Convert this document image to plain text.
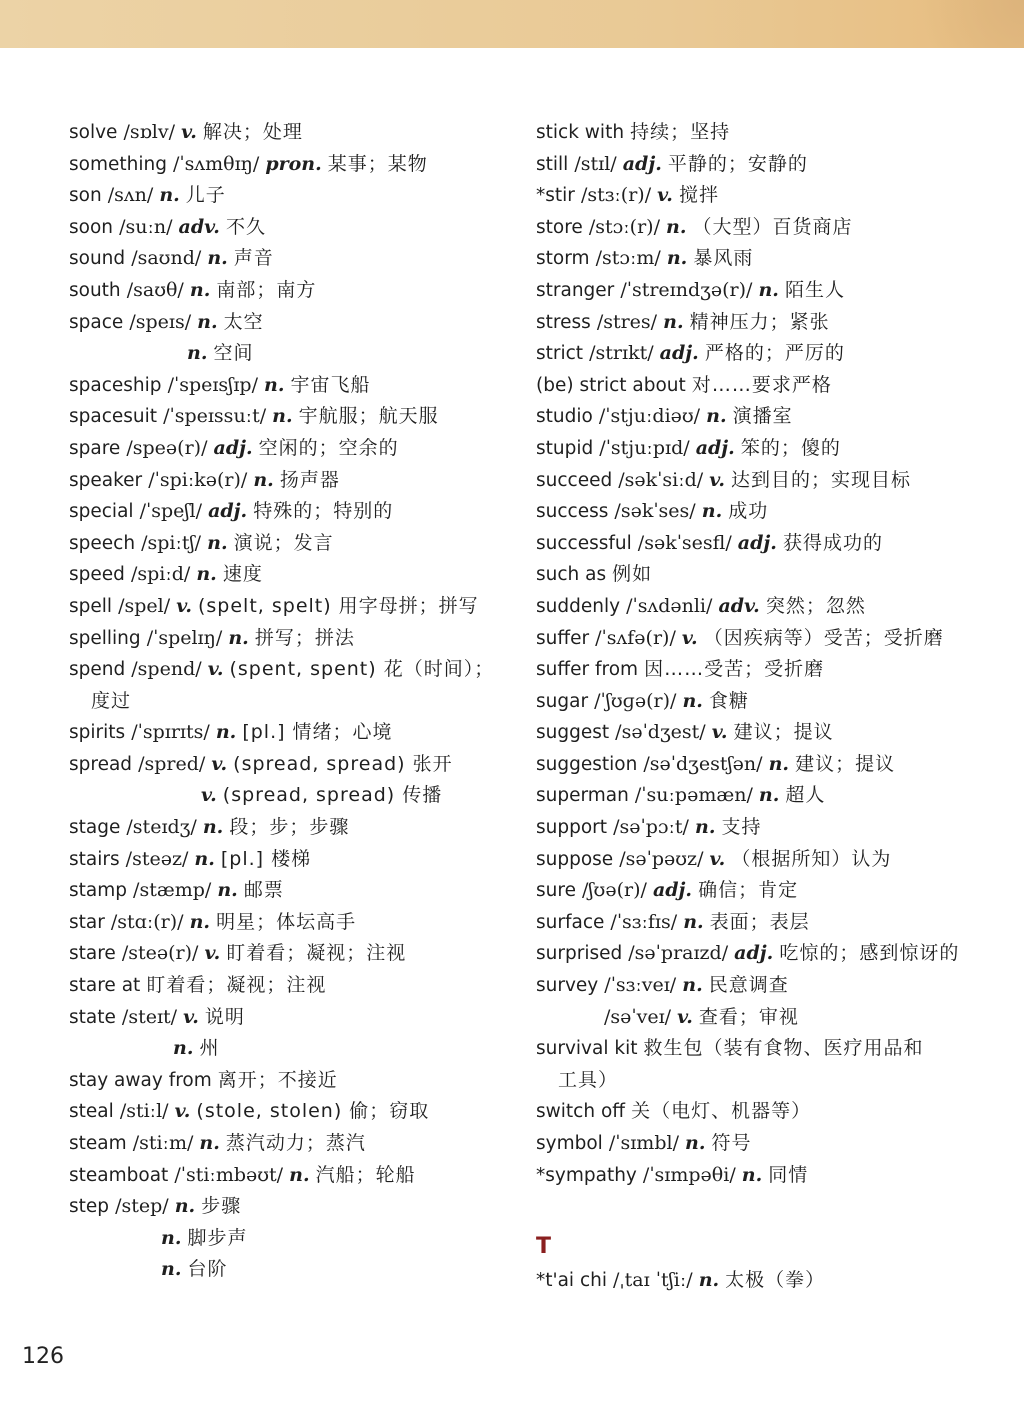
solve /sɒlv/ v. 解决；处理
something /ˈsʌmθɪŋ/ pron. 某事；某物
son /sʌn/ n. 儿子
soon /suːn/ adv. 不久
sound /saʊnd/ n. 声音
south /saʊθ/ n. 南部；南方
space /speɪs/ n. 太空
n. 空间
spaceship /ˈspeɪsʃɪp/ n. 宇宙飞船
spacesuit /ˈspeɪssuːt/ n. 宇航服；航天服
spare /speə(r)/ adj. 空闲的；空余的
speaker /ˈspiːkə(r)/ n. 扬声器
special /ˈspeʃl/ adj. 特殊的；特别的
speech /spiːtʃ/ n. 演说；发言
speed /spiːd/ n. 速度
spell /spel/ v. (spelt, spelt) 用字母拼；拼写
spelling /ˈspelɪŋ/ n. 拼写；拼法
spend /spend/ v. (spent, spent) 花（时间）；
度过
spirits /ˈspɪrɪts/ n. [pl.] 情绪；心境
spread /spred/ v. (spread, spread) 张开
v. (spread, spread) 传播
stage /steɪdʒ/ n. 段；步；步骤
stairs /steəz/ n. [pl.] 楼梯
stamp /stæmp/ n. 邮票
star /stɑː(r)/ n. 明星；体坛高手
stare /steə(r)/ v. 盯着看；凝视；注视
stare at 盯着看；凝视；注视
state /steɪt/ v. 说明
n. 州
stay away from 离开；不接近
steal /stiːl/ v. (stole, stolen) 偷；窃取
steam /stiːm/ n. 蒸汽动力；蒸汽
steamboat /ˈstiːmbəʊt/ n. 汽船；轮船
step /step/ n. 步骤
n. 脚步声
n. 台阶
stick with 持续；坚持
still /stɪl/ adj. 平静的；安静的
*stir /stɜː(r)/ v. 搅拌
store /stɔː(r)/ n. （大型）百货商店
storm /stɔːm/ n. 暴风雨
stranger /ˈstreɪndʒə(r)/ n. 陌生人
stress /stres/ n. 精神压力；紧张
strict /strɪkt/ adj. 严格的；严厉的
(be) strict about 对……要求严格
studio /ˈstjuːdiəʊ/ n. 演播室
stupid /ˈstjuːpɪd/ adj. 笨的；傻的
succeed /səkˈsiːd/ v. 达到目的；实现目标
success /səkˈses/ n. 成功
successful /səkˈsesfl/ adj. 获得成功的
such as 例如
suddenly /ˈsʌdənli/ adv. 突然；忽然
suffer /ˈsʌfə(r)/ v. （因疾病等）受苦；受折磨
suffer from 因……受苦；受折磨
sugar /ˈʃʊɡə(r)/ n. 食糖
suggest /səˈdʒest/ v. 建议；提议
suggestion /səˈdʒestʃən/ n. 建议；提议
superman /ˈsuːpəmæn/ n. 超人
support /səˈpɔːt/ n. 支持
suppose /səˈpəʊz/ v. （根据所知）认为
sure /ʃʊə(r)/ adj. 确信；肯定
surface /ˈsɜːfɪs/ n. 表面；表层
surprised /səˈpraɪzd/ adj. 吃惊的；感到惊讶的
survey /ˈsɜːveɪ/ n. 民意调查
/səˈveɪ/ v. 查看；审视
survival kit 救生包（装有食物、医疗用品和
工具）
switch off 关（电灯、机器等）
symbol /ˈsɪmbl/ n. 符号
*sympathy /ˈsɪmpəθi/ n. 同情
T
*t'ai chi /ˌtaɪ ˈtʃiː/ n. 太极（拳）
126
